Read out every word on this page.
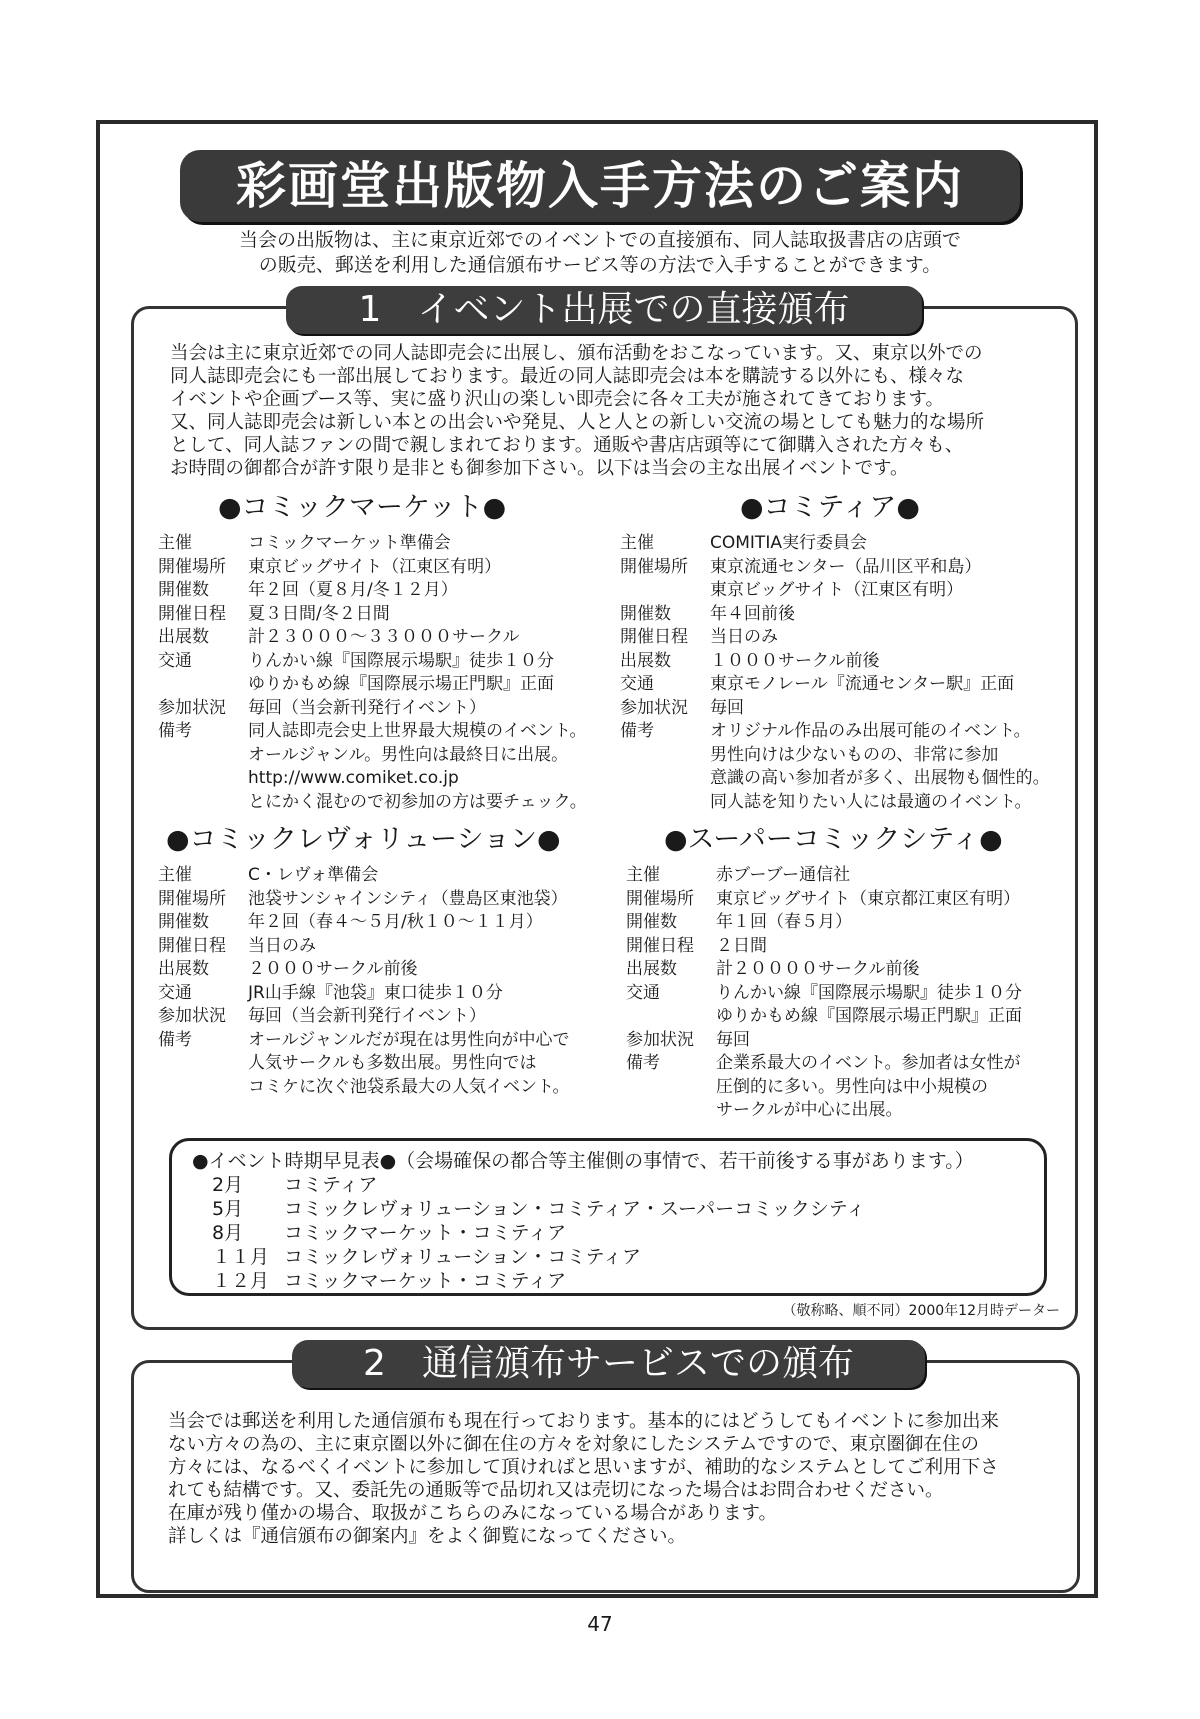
彩画堂出版物入手方法のご案内
当会の出版物は、主に東京近郊でのイベントでの直接頒布、同人誌取扱書店の店頭で
の販売、郵送を利用した通信頒布サービス等の方法で入手することができます。
1　イベント出展での直接頒布
当会は主に東京近郊での同人誌即売会に出展し、頒布活動をおこなっています。又、東京以外での
同人誌即売会にも一部出展しております。最近の同人誌即売会は本を購読する以外にも、様々な
イベントや企画ブース等、実に盛り沢山の楽しい即売会に各々工夫が施されてきております。
又、同人誌即売会は新しい本との出会いや発見、人と人との新しい交流の場としても魅力的な場所
として、同人誌ファンの間で親しまれております。通販や書店店頭等にて御購入された方々も、
お時間の御都合が許す限り是非とも御参加下さい。以下は当会の主な出展イベントです。
●コミックマーケット●
主催	コミックマーケット準備会
開催場所	東京ビッグサイト（江東区有明）
開催数	年２回（夏８月/冬１２月）
開催日程	夏３日間/冬２日間
出展数	計２３０００～３３０００サークル
交通	りんかい線『国際展示場駅』徒歩１０分
ゆりかもめ線『国際展示場正門駅』正面
参加状況	毎回（当会新刊発行イベント）
備考	同人誌即売会史上世界最大規模のイベント。
オールジャンル。男性向は最終日に出展。
http://www.comiket.co.jp
とにかく混むので初参加の方は要チェック。
●コミティア●
主催	COMITIA実行委員会
開催場所	東京流通センター（品川区平和島）
東京ビッグサイト（江東区有明）
開催数	年４回前後
開催日程	当日のみ
出展数	１０００サークル前後
交通	東京モノレール『流通センター駅』正面
参加状況	毎回
備考	オリジナル作品のみ出展可能のイベント。
男性向けは少ないものの、非常に参加
意識の高い参加者が多く、出展物も個性的。
同人誌を知りたい人には最適のイベント。
●コミックレヴォリューション●
主催	C・レヴォ準備会
開催場所	池袋サンシャインシティ（豊島区東池袋）
開催数	年２回（春４～５月/秋１０～１１月）
開催日程	当日のみ
出展数	２０００サークル前後
交通	JR山手線『池袋』東口徒歩１０分
参加状況	毎回（当会新刊発行イベント）
備考	オールジャンルだが現在は男性向が中心で
人気サークルも多数出展。男性向では
コミケに次ぐ池袋系最大の人気イベント。
●スーパーコミックシティ●
主催	赤ブーブー通信社
開催場所	東京ビッグサイト（東京都江東区有明）
開催数	年１回（春５月）
開催日程	２日間
出展数	計２００００サークル前後
交通	りんかい線『国際展示場駅』徒歩１０分
ゆりかもめ線『国際展示場正門駅』正面
参加状況	毎回
備考	企業系最大のイベント。参加者は女性が
圧倒的に多い。男性向は中小規模の
サークルが中心に出展。
●イベント時期早見表●（会場確保の都合等主催側の事情で、若干前後する事があります。）
2月	コミティア
5月	コミックレヴォリューション・コミティア・スーパーコミックシティ
8月	コミックマーケット・コミティア
１１月 コミックレヴォリューション・コミティア
１２月 コミックマーケット・コミティア
（敬称略、順不同）2000年12月時データー
2　通信頒布サービスでの頒布
当会では郵送を利用した通信頒布も現在行っております。基本的にはどうしてもイベントに参加出来
ない方々の為の、主に東京圏以外に御在住の方々を対象にしたシステムですので、東京圏御在住の
方々には、なるべくイベントに参加して頂ければと思いますが、補助的なシステムとしてご利用下さ
れても結構です。又、委託先の通販等で品切れ又は売切になった場合はお問合わせください。
在庫が残り僅かの場合、取扱がこちらのみになっている場合があります。
詳しくは『通信頒布の御案内』をよく御覧になってください。
47
